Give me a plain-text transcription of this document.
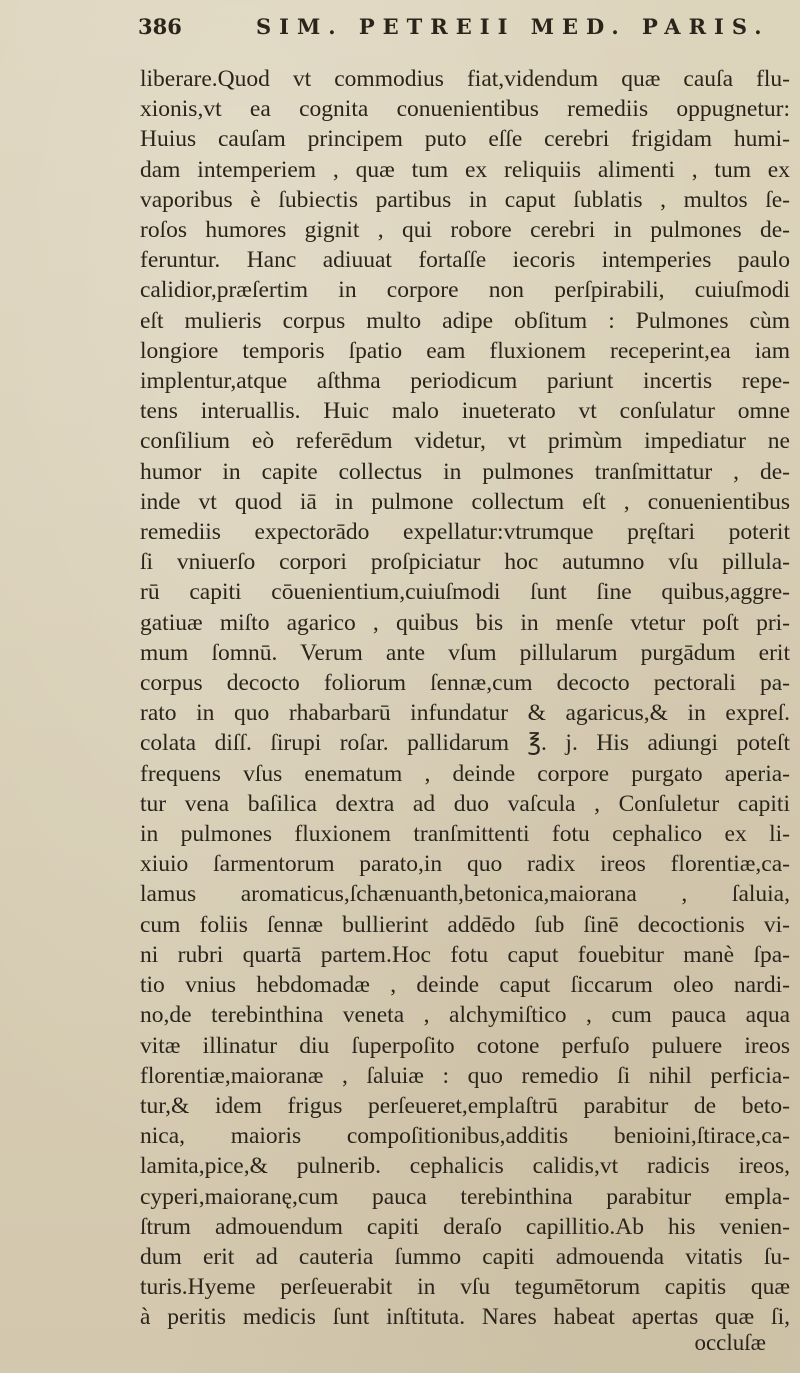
386	SIM. PETREII MED. PARIS.
liberare.Quod vt commodius fiat,videndum quæ cauſa flu-
xionis,vt ea cognita conuenientibus remediis oppugnetur:
Huius cauſam principem puto eſſe cerebri frigidam humi-
dam intemperiem , quæ tum ex reliquiis alimenti , tum ex
vaporibus è ſubiectis partibus in caput ſublatis , multos ſe-
roſos humores gignit , qui robore cerebri in pulmones de-
feruntur. Hanc adiuuat fortaſſe iecoris intemperies paulo
calidior,præſertim in corpore non perſpirabili, cuiuſmodi
eſt mulieris corpus multo adipe obſitum : Pulmones cùm
longiore temporis ſpatio eam fluxionem receperint,ea iam
implentur,atque aſthma periodicum pariunt incertis repe-
tens interuallis. Huic malo inueterato vt conſulatur omne
conſilium eò referēdum videtur, vt primùm impediatur ne
humor in capite collectus in pulmones tranſmittatur , de-
inde vt quod iā in pulmone collectum eſt , conuenientibus
remediis expectorādo expellatur:vtrumque pręſtari poterit
ſi vniuerſo corpori proſpiciatur hoc autumno vſu pillula-
rū capiti cōuenientium,cuiuſmodi ſunt ſine quibus,aggre-
gatiuæ miſto agarico , quibus bis in menſe vtetur poſt pri-
mum ſomnū. Verum ante vſum pillularum purgādum erit
corpus decocto foliorum ſennæ,cum decocto pectorali pa-
rato in quo rhabarbarū infundatur & agaricus,& in expreſ.
colata diſſ. ſirupi roſar. pallidarum ℥. j. His adiungi poteſt
frequens vſus enematum , deinde corpore purgato aperia-
tur vena baſilica dextra ad duo vaſcula , Conſuletur capiti
in pulmones fluxionem tranſmittenti fotu cephalico ex li-
xiuio ſarmentorum parato,in quo radix ireos florentiæ,ca-
lamus aromaticus,ſchænuanth,betonica,maiorana , ſaluia,
cum foliis ſennæ bullierint addēdo ſub ſinē decoctionis vi-
ni rubri quartā partem.Hoc fotu caput fouebitur manè ſpa-
tio vnius hebdomadæ , deinde caput ſiccarum oleo nardi-
no,de terebinthina veneta , alchymiſtico , cum pauca aqua
vitæ illinatur diu ſuperpoſito cotone perfuſo puluere ireos
florentiæ,maioranæ , ſaluiæ : quo remedio ſi nihil perficia-
tur,& idem frigus perſeueret,emplaſtrū parabitur de beto-
nica, maioris compoſitionibus,additis benioini,ſtirace,ca-
lamita,pice,& pulnerib. cephalicis calidis,vt radicis ireos,
cyperi,maioranę,cum pauca terebinthina parabitur empla-
ſtrum admouendum capiti deraſo capillitio.Ab his venien-
dum erit ad cauteria ſummo capiti admouenda vitatis ſu-
turis.Hyeme perſeuerabit in vſu tegumētorum capitis quæ
à peritis medicis ſunt inſtituta. Nares habeat apertas quæ ſi,
occluſæ
